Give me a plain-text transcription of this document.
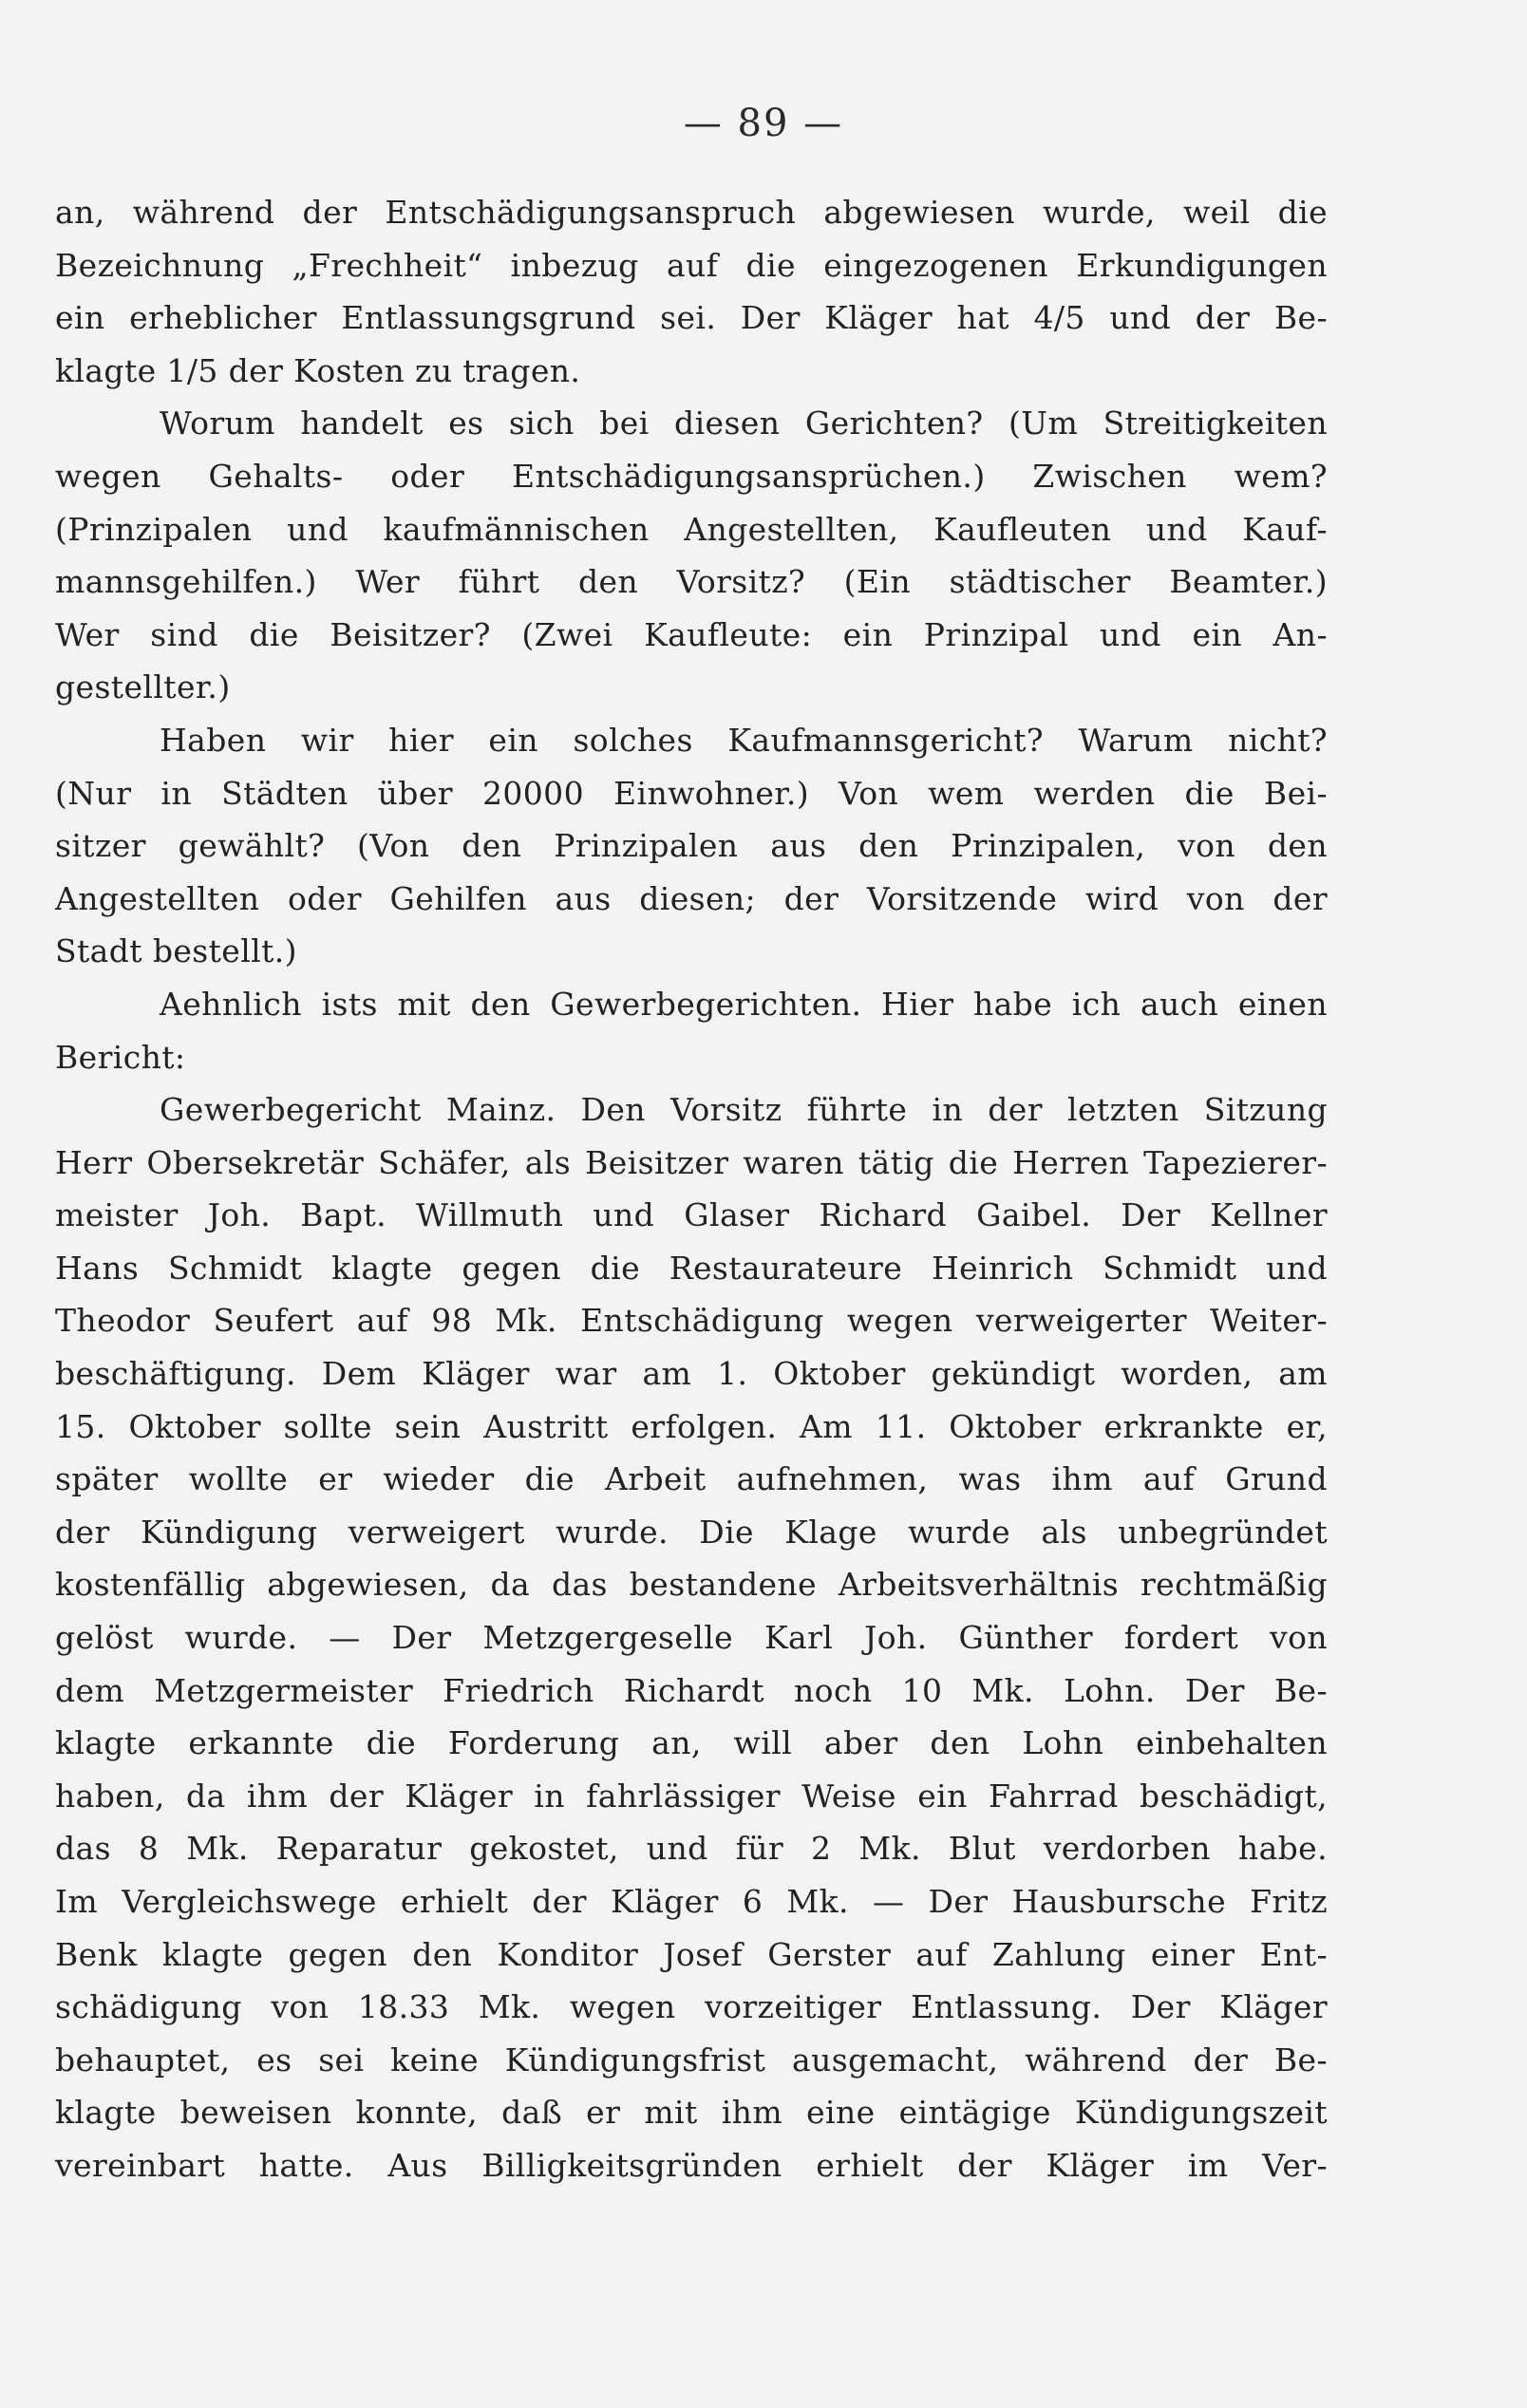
— 89 —
an, während der Entschädigungsanspruch abgewiesen wurde, weil die
Bezeichnung „Frechheit“ inbezug auf die eingezogenen Erkundigungen
ein erheblicher Entlassungsgrund sei. Der Kläger hat 4/5 und der Be-
klagte 1/5 der Kosten zu tragen.
Worum handelt es sich bei diesen Gerichten? (Um Streitigkeiten
wegen Gehalts- oder Entschädigungsansprüchen.) Zwischen wem?
(Prinzipalen und kaufmännischen Angestellten, Kaufleuten und Kauf-
mannsgehilfen.) Wer führt den Vorsitz? (Ein städtischer Beamter.)
Wer sind die Beisitzer? (Zwei Kaufleute: ein Prinzipal und ein An-
gestellter.)
Haben wir hier ein solches Kaufmannsgericht? Warum nicht?
(Nur in Städten über 20000 Einwohner.) Von wem werden die Bei-
sitzer gewählt? (Von den Prinzipalen aus den Prinzipalen, von den
Angestellten oder Gehilfen aus diesen; der Vorsitzende wird von der
Stadt bestellt.)
Aehnlich ists mit den Gewerbegerichten. Hier habe ich auch einen
Bericht:
Gewerbegericht Mainz. Den Vorsitz führte in der letzten Sitzung
Herr Obersekretär Schäfer, als Beisitzer waren tätig die Herren Tapezierer-
meister Joh. Bapt. Willmuth und Glaser Richard Gaibel. Der Kellner
Hans Schmidt klagte gegen die Restaurateure Heinrich Schmidt und
Theodor Seufert auf 98 Mk. Entschädigung wegen verweigerter Weiter-
beschäftigung. Dem Kläger war am 1. Oktober gekündigt worden, am
15. Oktober sollte sein Austritt erfolgen. Am 11. Oktober erkrankte er,
später wollte er wieder die Arbeit aufnehmen, was ihm auf Grund
der Kündigung verweigert wurde. Die Klage wurde als unbegründet
kostenfällig abgewiesen, da das bestandene Arbeitsverhältnis rechtmäßig
gelöst wurde. — Der Metzgergeselle Karl Joh. Günther fordert von
dem Metzgermeister Friedrich Richardt noch 10 Mk. Lohn. Der Be-
klagte erkannte die Forderung an, will aber den Lohn einbehalten
haben, da ihm der Kläger in fahrlässiger Weise ein Fahrrad beschädigt,
das 8 Mk. Reparatur gekostet, und für 2 Mk. Blut verdorben habe.
Im Vergleichswege erhielt der Kläger 6 Mk. — Der Hausbursche Fritz
Benk klagte gegen den Konditor Josef Gerster auf Zahlung einer Ent-
schädigung von 18.33 Mk. wegen vorzeitiger Entlassung. Der Kläger
behauptet, es sei keine Kündigungsfrist ausgemacht, während der Be-
klagte beweisen konnte, daß er mit ihm eine eintägige Kündigungszeit
vereinbart hatte. Aus Billigkeitsgründen erhielt der Kläger im Ver-
